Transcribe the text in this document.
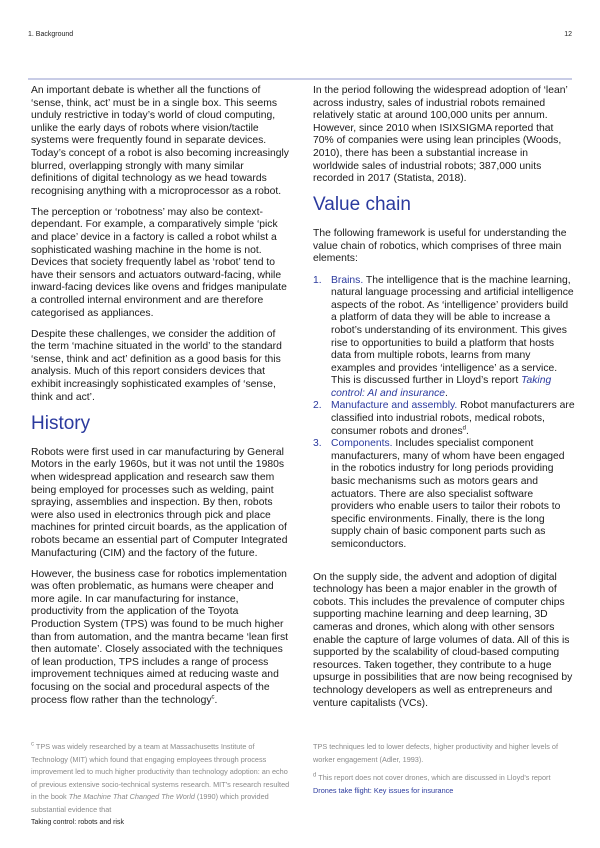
1. Background	12

An important debate is whether all the functions of ‘sense, think, act’ must be in a single box. This seems unduly restrictive in today’s world of cloud computing, unlike the early days of robots where vision/tactile systems were frequently found in separate devices. Today’s concept of a robot is also becoming increasingly blurred, overlapping strongly with many similar definitions of digital technology as we head towards recognising anything with a microprocessor as a robot.

The perception or ‘robotness’ may also be context-dependant. For example, a comparatively simple ‘pick and place’ device in a factory is called a robot whilst a sophisticated washing machine in the home is not. Devices that society frequently label as ‘robot’ tend to have their sensors and actuators outward-facing, while inward-facing devices like ovens and fridges manipulate a controlled internal environment and are therefore categorised as appliances.

Despite these challenges, we consider the addition of the term ‘machine situated in the world’ to the standard ‘sense, think and act’ definition as a good basis for this analysis. Much of this report considers devices that exhibit increasingly sophisticated examples of ‘sense, think and act’.

History

Robots were first used in car manufacturing by General Motors in the early 1960s, but it was not until the 1980s when widespread application and research saw them being employed for processes such as welding, paint spraying, assemblies and inspection. By then, robots were also used in electronics through pick and place machines for printed circuit boards, as the application of robots became an essential part of Computer Integrated Manufacturing (CIM) and the factory of the future.

However, the business case for robotics implementation was often problematic, as humans were cheaper and more agile. In car manufacturing for instance, productivity from the application of the Toyota Production System (TPS) was found to be much higher than from automation, and the mantra became ‘lean first then automate’. Closely associated with the techniques of lean production, TPS includes a range of process improvement techniques aimed at reducing waste and focusing on the social and procedural aspects of the process flow rather than the technology$^c$.

In the period following the widespread adoption of ‘lean’ across industry, sales of industrial robots remained relatively static at around 100,000 units per annum. However, since 2010 when ISIXSIGMA reported that 70% of companies were using lean principles (Woods, 2010), there has been a substantial increase in worldwide sales of industrial robots; 387,000 units recorded in 2017 (Statista, 2018).

Value chain

The following framework is useful for understanding the value chain of robotics, which comprises of three main elements:

1. Brains. The intelligence that is the machine learning, natural language processing and artificial intelligence aspects of the robot. As ‘intelligence’ providers build a platform of data they will be able to increase a robot’s understanding of its environment. This gives rise to opportunities to build a platform that hosts data from multiple robots, learns from many examples and provides ‘intelligence’ as a service. This is discussed further in Lloyd’s report Taking control: AI and insurance.
2. Manufacture and assembly. Robot manufacturers are classified into industrial robots, medical robots, consumer robots and drones$^d$.
3. Components. Includes specialist component manufacturers, many of whom have been engaged in the robotics industry for long periods providing basic mechanisms such as motors gears and actuators. There are also specialist software providers who enable users to tailor their robots to specific environments. Finally, there is the long supply chain of basic component parts such as semiconductors.

On the supply side, the advent and adoption of digital technology has been a major enabler in the growth of cobots. This includes the prevalence of computer chips supporting machine learning and deep learning, 3D cameras and drones, which along with other sensors enable the capture of large volumes of data. All of this is supported by the scalability of cloud-based computing resources. Taken together, they contribute to a huge upsurge in possibilities that are now being recognised by technology developers as well as entrepreneurs and venture capitalists (VCs).

$^c$ TPS was widely researched by a team at Massachusetts Institute of Technology (MIT) which found that engaging employees through process improvement led to much higher productivity than technology adoption: an echo of previous extensive socio-technical systems research. MIT’s research resulted in the book The Machine That Changed The World (1990) which provided substantial evidence that

TPS techniques led to lower defects, higher productivity and higher levels of worker engagement (Adler, 1993).

$^d$ This report does not cover drones, which are discussed in Lloyd’s report Drones take flight: Key issues for insurance

Taking control: robots and risk
